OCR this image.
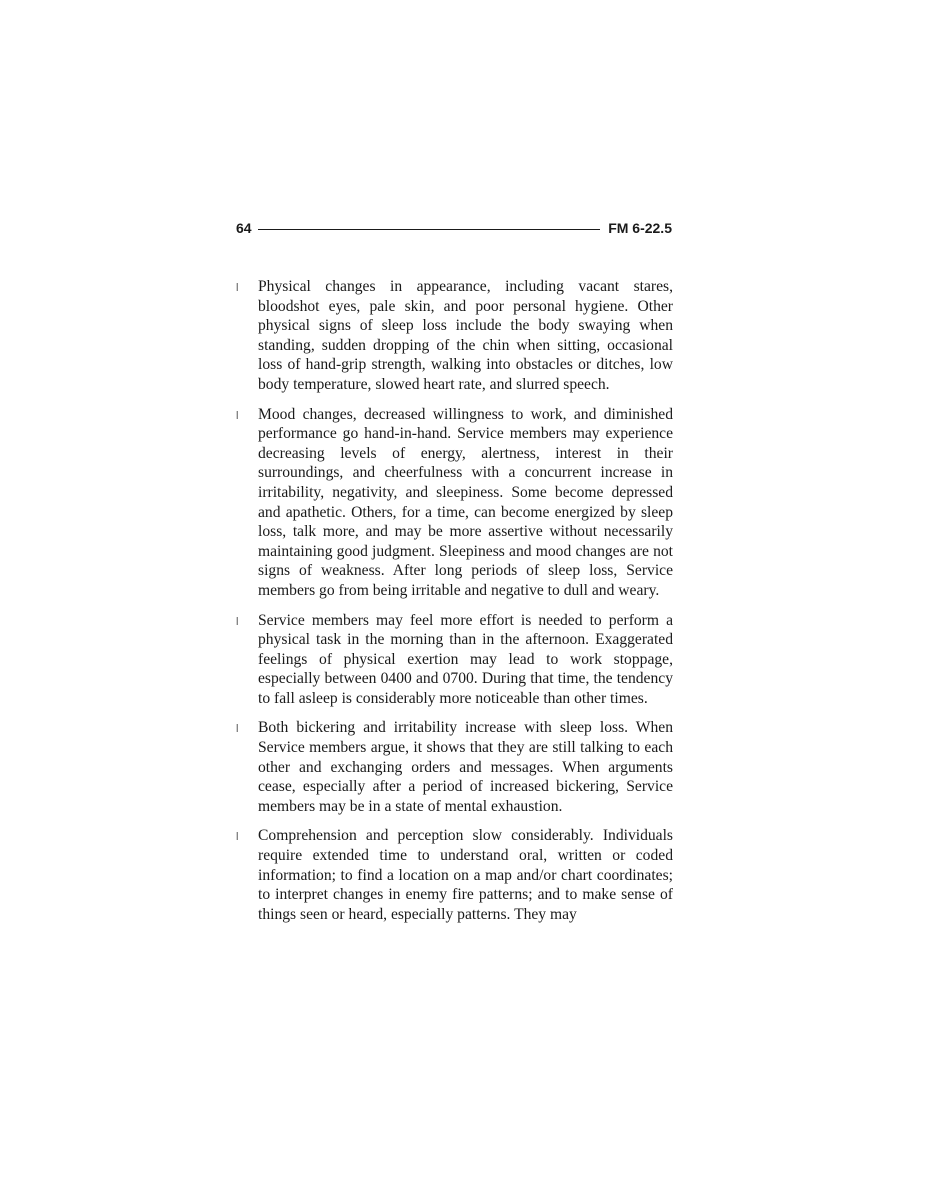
64	FM 6-22.5
l	Physical changes in appearance, including vacant stares, bloodshot eyes, pale skin, and poor personal hygiene. Other physical signs of sleep loss include the body swaying when standing, sudden dropping of the chin when sitting, occasional loss of hand-grip strength, walking into obstacles or ditches, low body temperature, slowed heart rate, and slurred speech.
l	Mood changes, decreased willingness to work, and diminished performance go hand-in-hand. Service members may experience decreasing levels of energy, alertness, interest in their surroundings, and cheerfulness with a concurrent increase in irritability, negativity, and sleepiness. Some become depressed and apathetic. Others, for a time, can become energized by sleep loss, talk more, and may be more assertive without necessarily maintaining good judgment. Sleepiness and mood changes are not signs of weakness. After long periods of sleep loss, Service members go from being irritable and negative to dull and weary.
l	Service members may feel more effort is needed to perform a physical task in the morning than in the afternoon. Exaggerated feelings of physical exertion may lead to work stoppage, especially between 0400 and 0700. During that time, the tendency to fall asleep is considerably more noticeable than other times.
l	Both bickering and irritability increase with sleep loss. When Service members argue, it shows that they are still talking to each other and exchanging orders and messages. When arguments cease, especially after a period of increased bickering, Service members may be in a state of mental exhaustion.
l	Comprehension and perception slow considerably. Individuals require extended time to understand oral, written or coded information; to find a location on a map and/or chart coordinates; to interpret changes in enemy fire patterns; and to make sense of things seen or heard, especially patterns. They may
